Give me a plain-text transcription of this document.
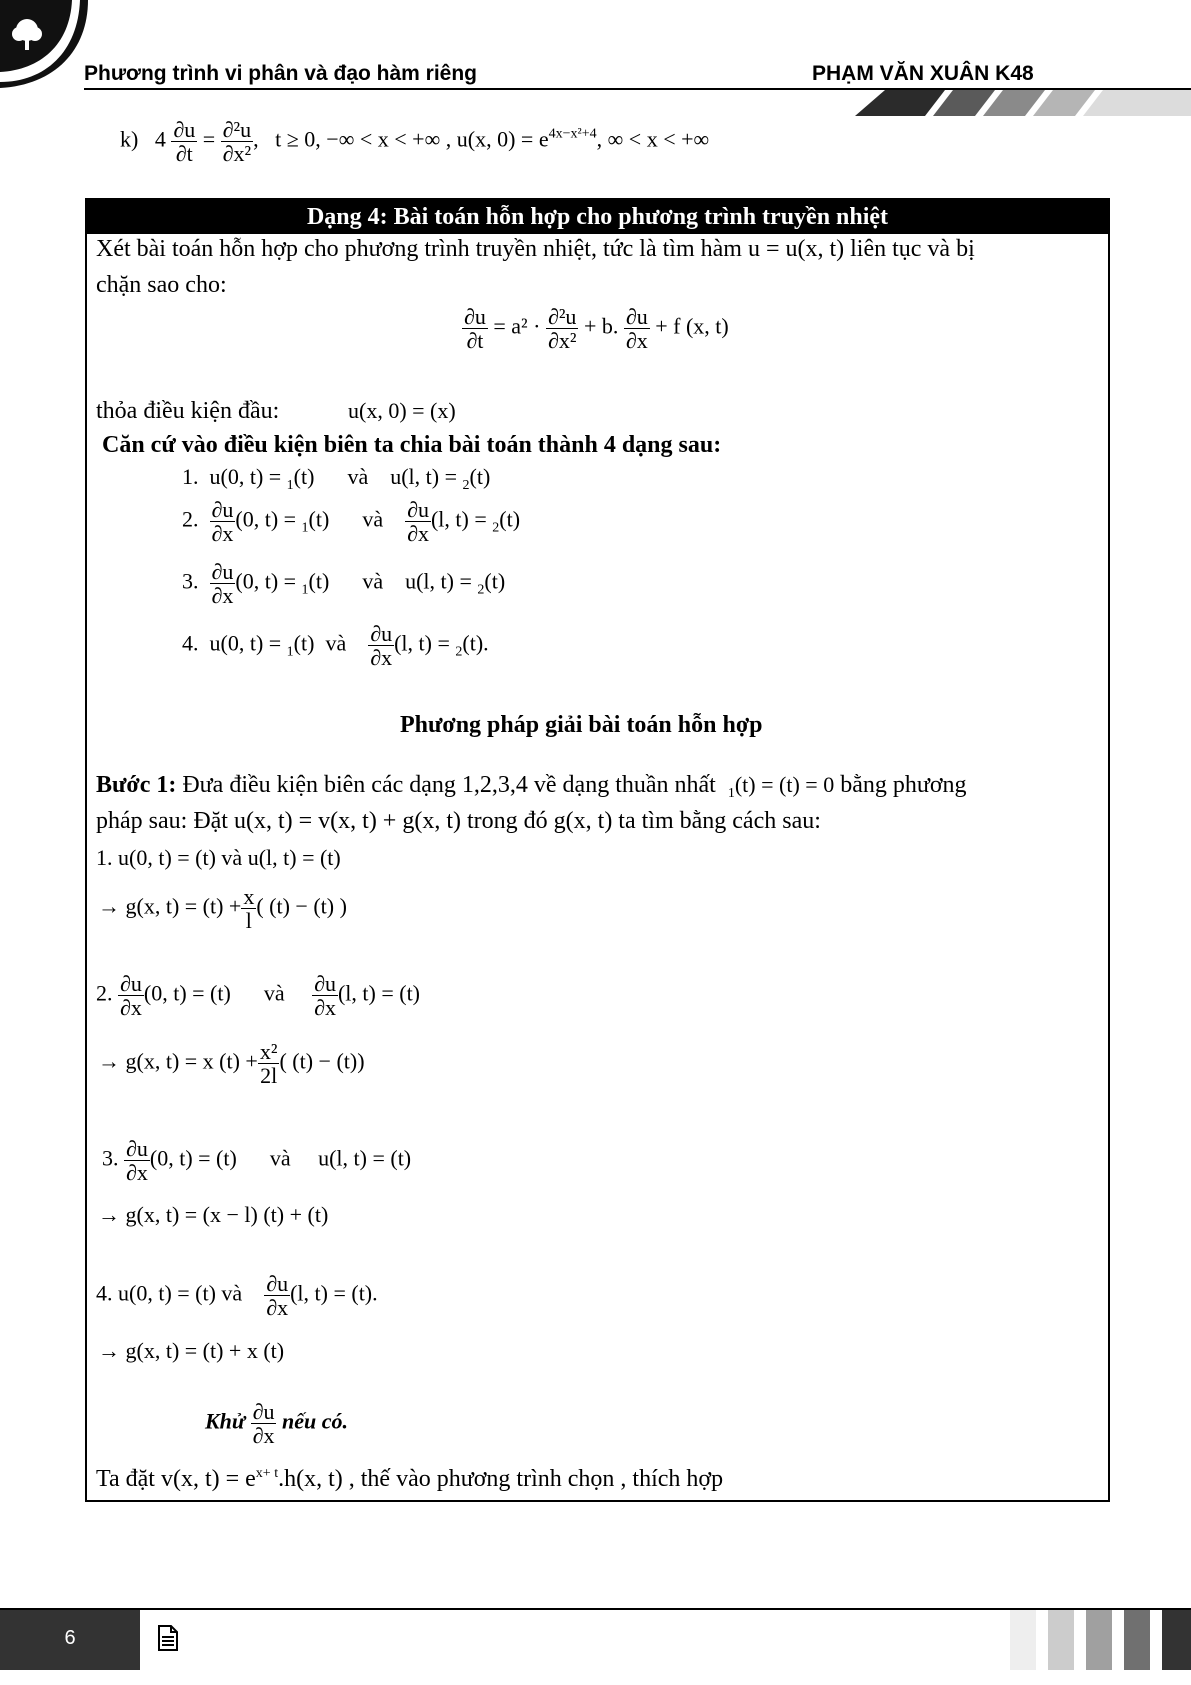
Phương trình vi phân và đạo hàm riêng	PHẠM VĂN XUÂN K48
k) $4 \frac{\partial u}{\partial t} = \frac{\text{∂²u}}{\text{∂x²}}$ ,   t ≥ 0, −∞ < x < +∞ , u(x, $0) = e^{4x-x^2+4}$, ∞ < x < +∞
Dạng 4: Bài toán hỗn hợp cho phương trình truyền nhiệt
Xét bài toán hỗn hợp cho phương trình truyền nhiệt, tức là tìm hàm u = u(x, t) liên tục và bị
chặn sao cho:
$\frac{\partial u}{\partial t} = a^2 \cdot \frac{\text{∂²u}}{\text{∂x²}} + b$. $\frac{\partial u}{\partial x} + f$ (x, t)
thỏa điều kiện đầu:	u(x, 0) = (x)
Căn cứ vào điều kiện biên ta chia bài toán thành 4 dạng sau:
1. u(0, t) = $_1$(t)      và u(l, t) = $_2$(t)
2. $\frac{\partial u}{\partial x} (0$, t) = $_1$(t)      và $\frac{\partial u}{\partial x} (l$, t) = $_2$(t)
3. $\frac{\partial u}{\partial x} (0$, t) = $_1$(t)      và u(l, t) = $_2$(t)
4. u(0, t) = $_1$(t)  và $\frac{\partial u}{\partial x} (l$, t) = $_2$(t).
Phương pháp giải bài toán hỗn hợp
Bước 1: Đưa điều kiện biên các dạng 1,2,3,4 về dạng thuần nhất $_1$(t) = (t) = 0 bằng phương
pháp sau: Đặt u(x, t) = v(x, t) + g(x, t) trong đó g(x, t) ta tìm bằng cách sau:
1. u(0, t) = (t) và u(l, t) = (t)
→ g(x, $t) = (t) + \frac{x}{l}$ ( (t) − (t) )
2. $\frac{\partial u}{\partial x} (0$, t) = (t) và $\frac{\partial u}{\partial x} (l$, t) = (t)
→ g(x, t) = x $(t) + \frac{\text{x²}}{2l}$ ( (t) − (t))
3. $\frac{\partial u}{\partial x} (0$, t) = (t) và u(l, t) = (t)
→ g(x, t) = (x − l) (t) + (t)
4. u(0, t) = (t) và $\frac{\partial u}{\partial x} (l$, t) = (t).
→ g(x, t) = (t) + x (t)
Khử $\frac{\partial u}{\partial x}$ nếu có.
Ta đặt v(x, $t) = e^{x+ t}.h(x$, t) , thế vào phương trình chọn , thích hợp
6
